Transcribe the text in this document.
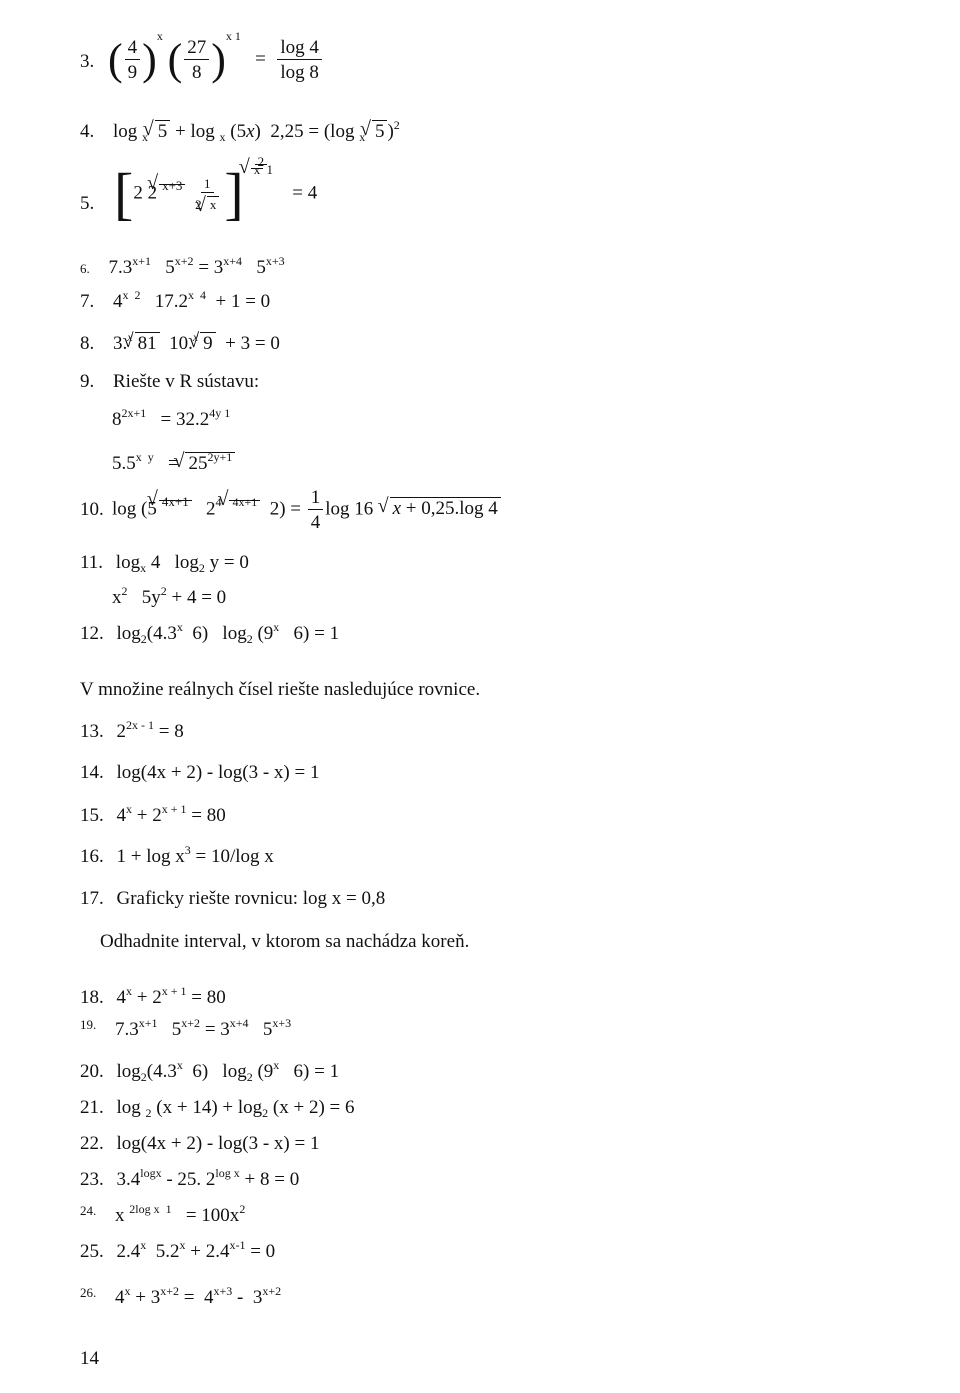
3. ( $\frac{4}{9} )^x$ ( $\frac{27}{8} )^{x 1} = \frac{\log 4}{\log 8}$
4. log $_x$ √ 5 + log $_x$ (5x)  2,25 = (log $_x$ √ 5 )$^2$
5. [2 2 √ $^{x+3} \frac{1}{2 √ x}$ ] $^{2 √ x 1}$
= 4
6. $7.3^{x+1}$   $5^{x+2} = 3^{x+4}$   $5^{x+3}$
7. $4^{x 2}$   $17.2^{x 4} + 1 = 0$
8. 3.$^x$ √ 81  10.$^x$ √ 9  + 3 = 0
9. Riešte v R sústavu:
$8^{2x+1} = 32.2^{4y 1}$
$5.5^{x y}$   = √ $25^{2y+1}$
10. log (5 √ $^{4x+1}$   $2^{4 √ 4x+1}$  $2) = \frac{1}{4}$ log 16   √ x + 0,25.log 4
11. $\log_x 4$   $\log_2 y = 0$
$x^2$   $5y^2 + 4 = 0$
12. $\log_2(4.3^x$  6)   $\log_2 (9^x$   6) = 1
V množine reálnych čísel riešte nasledujúce rovnice.
13. $2^{2x - 1} = 8$
14. log(4x + 2) - log(3 - x) = 1
15. $4^x + 2^{x + 1} = 80$
16. $1 + \log x^3 = 10/\log$ x
17. Graficky riešte rovnicu: log x = 0,8
Odhadnite interval, v ktorom sa nachádza koreň.
18. $4^x + 2^{x + 1} = 80$
$^{19.}$ $7.3^{x+1}$   $5^{x+2} = 3^{x+4}$   $5^{x+3}$
20. $\log_2(4.3^x$  6)   $\log_2 (9^x$   6) = 1
21. log $_2$ $(x + 14) + \log_2 (x + 2) = 6$
22. log(4x + 2) - log(3 - x) = 1
23. $3.4^{logx} - 25$. $2^{log x} + 8 = 0$
$^{24.}$ x $^{2log x 1} = 100x^2$
25. 2.4$^x$  $5.2^x + 2.4^{x-1} = 0$
$^{26.}$ $4^x + 3^{x+2} = 4^{x+3} - 3^{x+2}$
14
